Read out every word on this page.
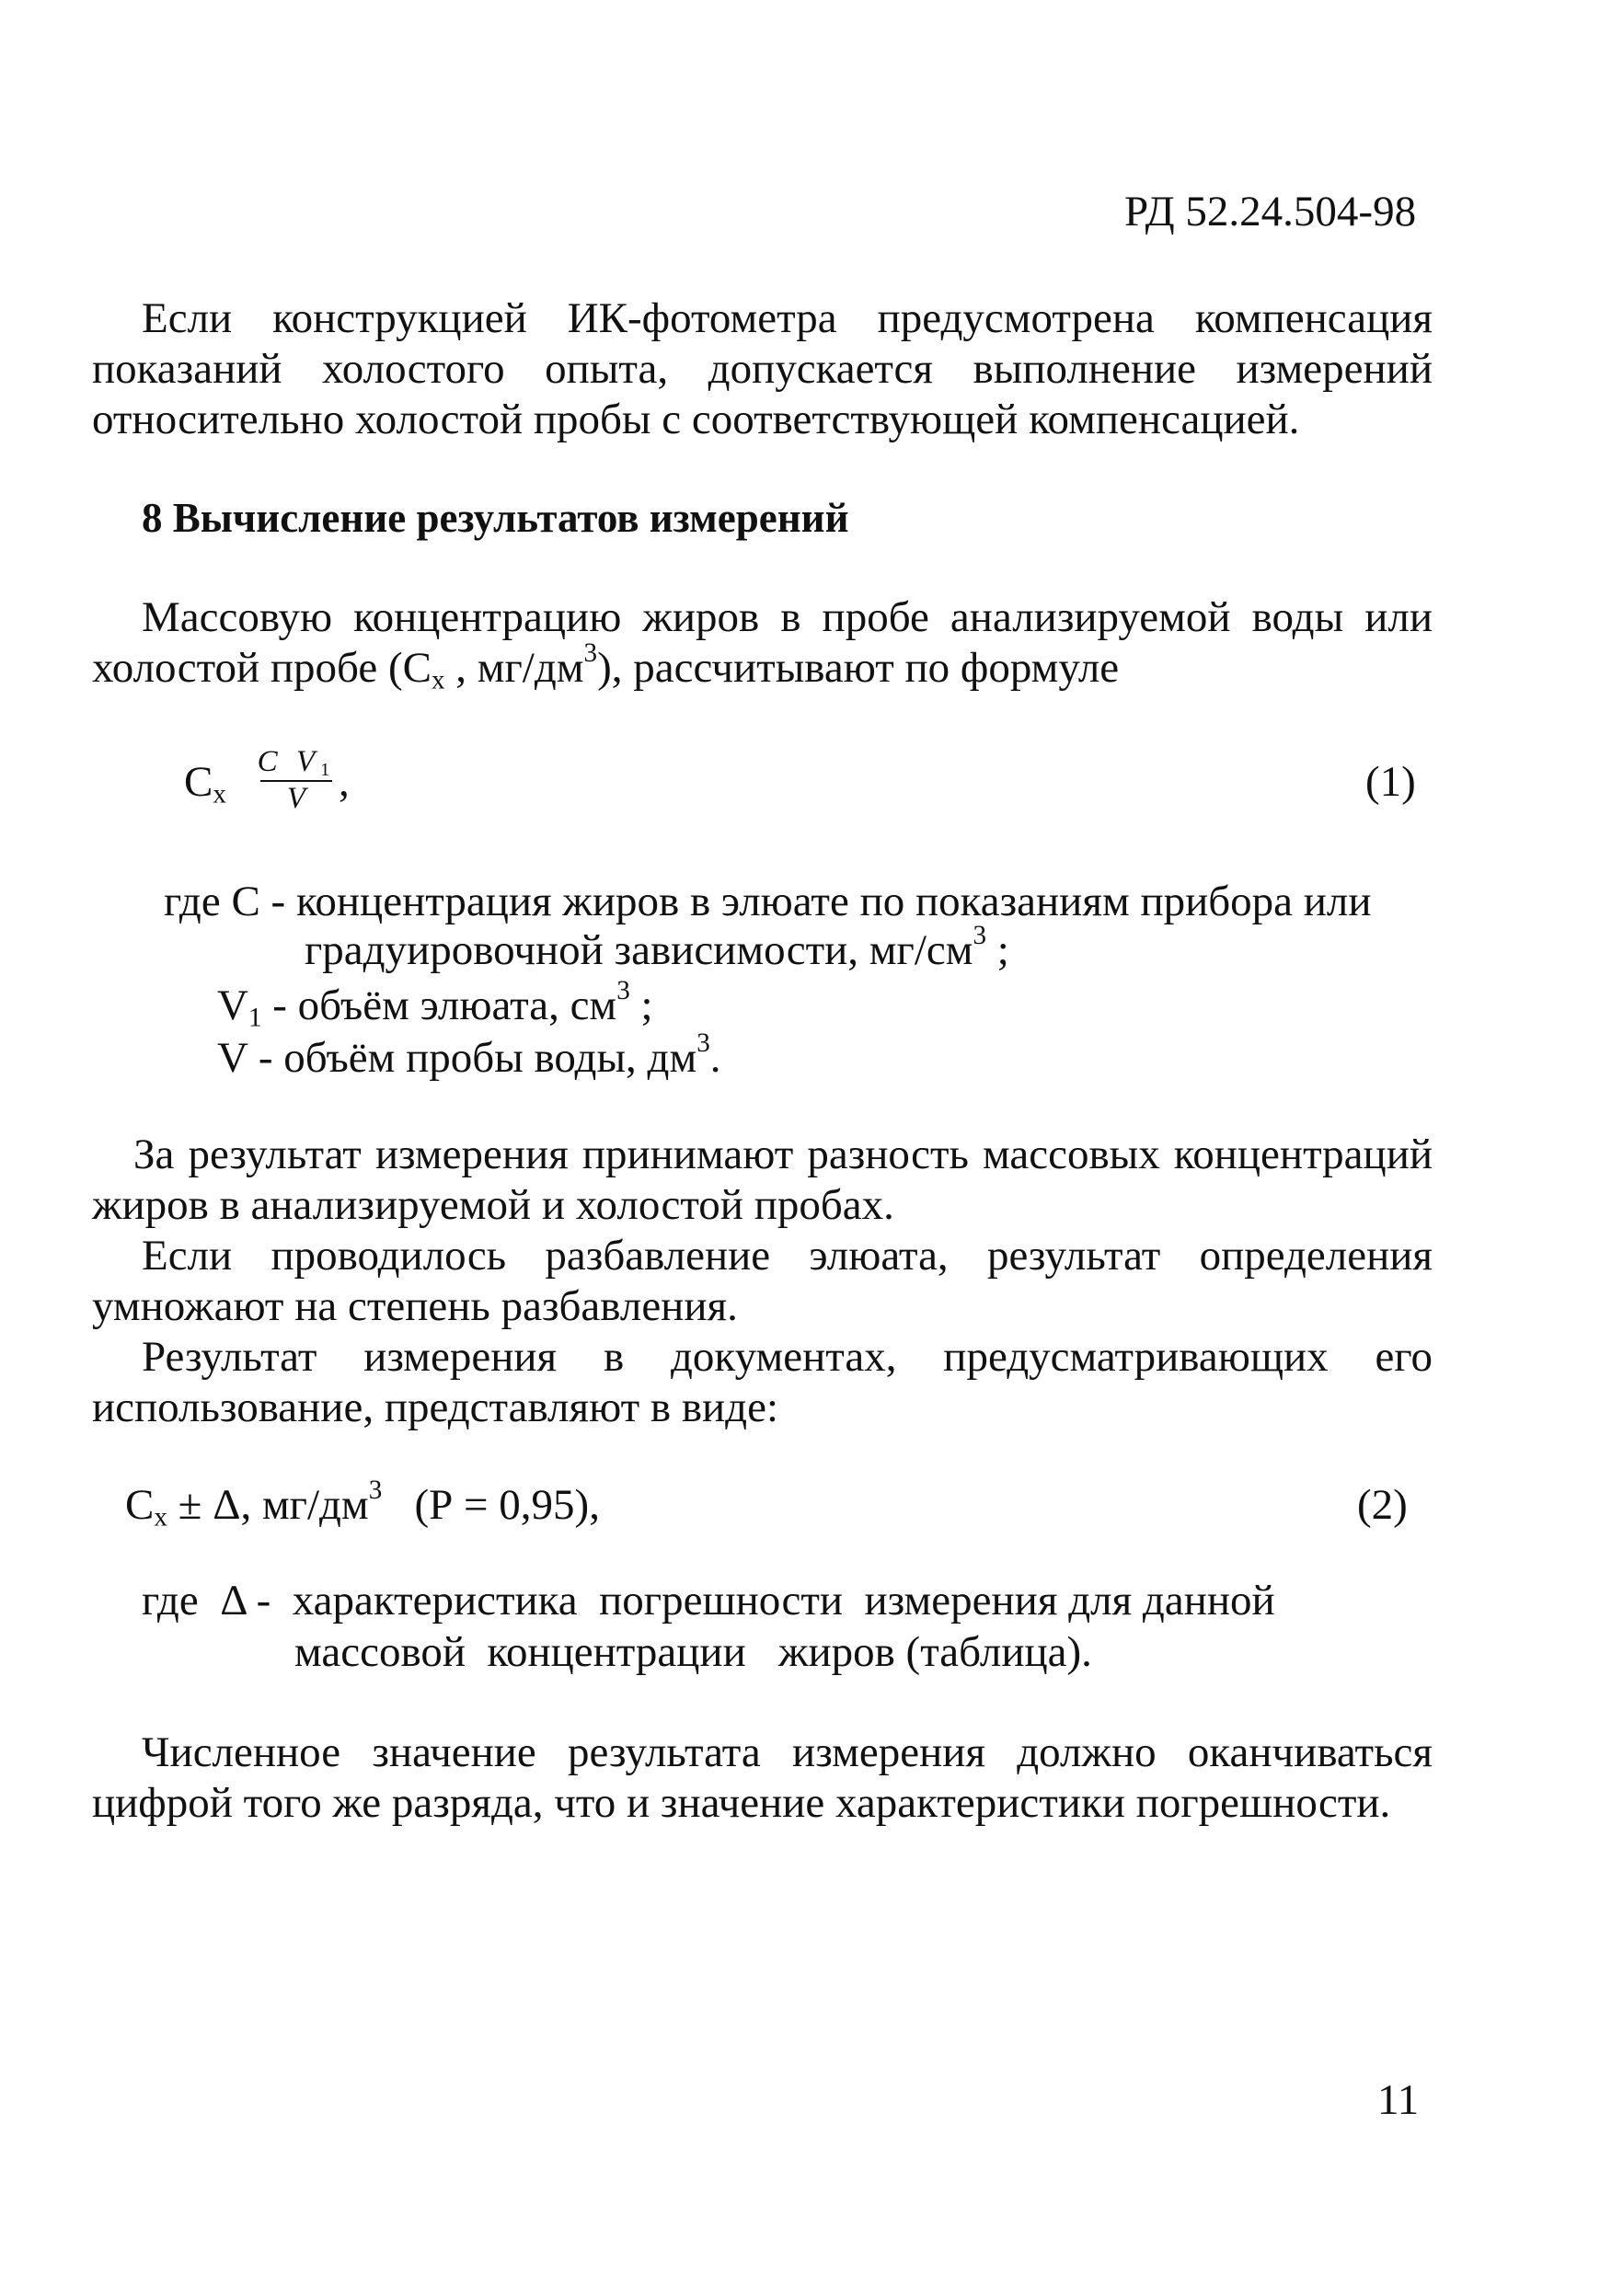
РД 52.24.504-98
Если конструкцией ИК-фотометра предусмотрена компенсация
показаний холостого опыта, допускается выполнение измерений
относительно холостой пробы с соответствующей компенсацией.
8 Вычисление результатов измерений
Массовую концентрацию жиров в пробе анализируемой воды или
холостой пробе ($C_x$ , $мг/дм^3$), рассчитывают по формуле
$C_x$
C $V_1$
V ,	(1)
где С - концентрация жиров в элюате по показаниям прибора или
градуировочной зависимости, $мг/см^3$ ;
$V_1$ - объём элюата, $см^3$ ;
V - объём пробы воды, $дм^3$.
За результат измерения принимают разность массовых концентраций
жиров в анализируемой и холостой пробах.
Если проводилось разбавление элюата, результат определения
умножают на степень разбавления.
Результат измерения в документах, предусматривающих его
использование, представляют в виде:
$C_x \pm \Delta$, $мг/дм^3$   (Р = 0,95),	(2)
где  Δ -  характеристика  погрешности  измерения для данной
массовой  концентрации   жиров (таблица).
Численное значение результата измерения должно оканчиваться
цифрой того же разряда, что и значение характеристики погрешности.
11
